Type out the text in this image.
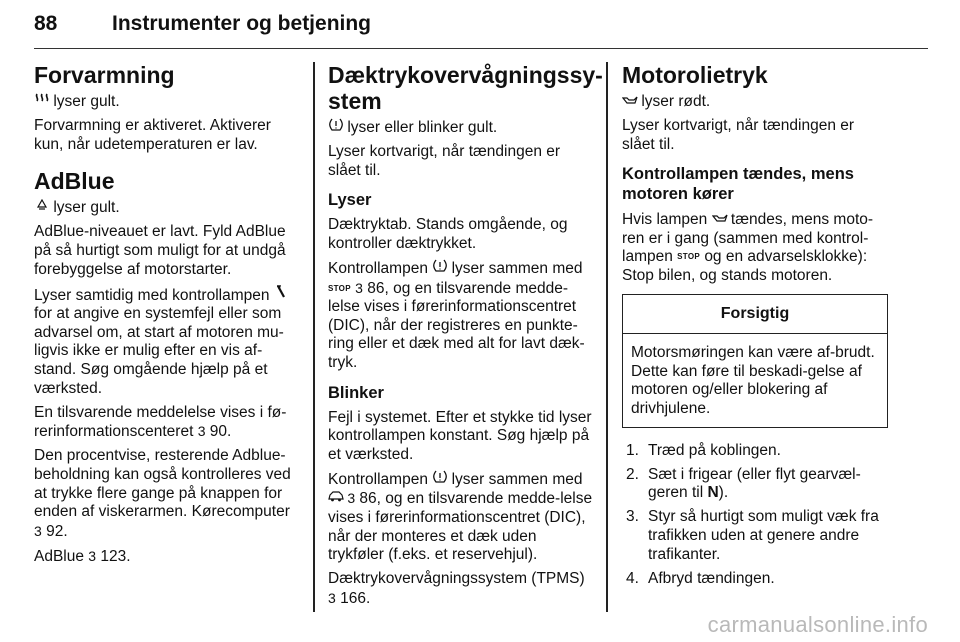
88	Instrumenter og betjening
Forvarmning

lyser gult.

Forvarmning er aktiveret. Aktiverer kun, når udetemperaturen er lav.

AdBlue

lyser gult.

AdBlue-niveauet er lavt. Fyld AdBlue på så hurtigt som muligt for at undgå forebyggelse af motorstarter.

Lyser samtidig med kontrollampen  for at angive en systemfejl eller som advarsel om, at start af motoren mu-ligvis ikke er mulig efter en vis af-stand. Søg omgående hjælp på et værksted.

En tilsvarende meddelelse vises i fø-rerinformationscenteret 3 90.

Den procentvise, resterende Adblue-beholdning kan også kontrolleres ved at trykke flere gange på knappen for enden af viskerarmen. Kørecomputer 3 92.

AdBlue 3 123.

Dæktrykovervågningssy-stem

lyser eller blinker gult.

Lyser kortvarigt, når tændingen er slået til.

Lyser

Dæktryktab. Stands omgående, og kontroller dæktrykket.

Kontrollampen lyser sammen med STOP 3 86, og en tilsvarende medde-lelse vises i førerinformationscentret (DIC), når der registreres en punkte-ring eller et dæk med alt for lavt dæk-tryk.

Blinker

Fejl i systemet. Efter et stykke tid lyser kontrollampen konstant. Søg hjælp på et værksted.

Kontrollampen lyser sammen med
3 86, og en tilsvarende medde-lelse vises i førerinformationscentret (DIC), når der monteres et dæk uden trykføler (f.eks. et reservehjul).

Dæktrykovervågningssystem (TPMS) 3 166.

Motorolietryk

lyser rødt.

Lyser kortvarigt, når tændingen er slået til.

Kontrollampen tændes, mens motoren kører

Hvis lampen tændes, mens moto-ren er i gang (sammen med kontrol-lampen STOP og en advarselsklokke): Stop bilen, og stands motoren.

Forsigtig
Motorsmøringen kan være af-brudt. Dette kan føre til beskadi-gelse af motoren og/eller blokering af drivhjulene.
1. Træd på koblingen.
2. Sæt i frigear (eller flyt gearvæl-geren til N).
3. Styr så hurtigt som muligt væk fra trafikken uden at genere andre trafikanter.
4. Afbryd tændingen.
carmanualsonline.info
